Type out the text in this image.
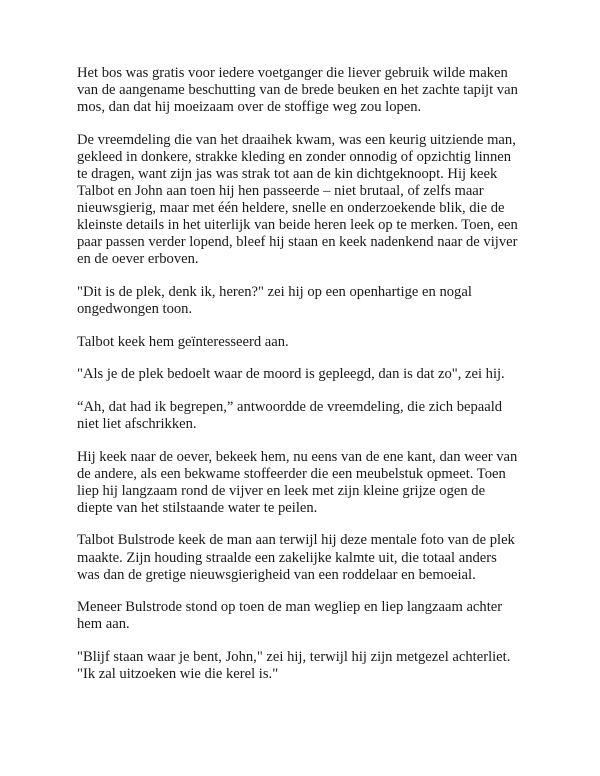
Het bos was gratis voor iedere voetganger die liever gebruik wilde maken
van de aangename beschutting van de brede beuken en het zachte tapijt van
mos, dan dat hij moeizaam over de stoffige weg zou lopen.

De vreemdeling die van het draaihek kwam, was een keurig uitziende man,
gekleed in donkere, strakke kleding en zonder onnodig of opzichtig linnen
te dragen, want zijn jas was strak tot aan de kin dichtgeknoopt. Hij keek
Talbot en John aan toen hij hen passeerde – niet brutaal, of zelfs maar
nieuwsgierig, maar met één heldere, snelle en onderzoekende blik, die de
kleinste details in het uiterlijk van beide heren leek op te merken. Toen, een
paar passen verder lopend, bleef hij staan en keek nadenkend naar de vijver
en de oever erboven.

"Dit is de plek, denk ik, heren?" zei hij op een openhartige en nogal
ongedwongen toon.

Talbot keek hem geïnteresseerd aan.

"Als je de plek bedoelt waar de moord is gepleegd, dan is dat zo", zei hij.

“Ah, dat had ik begrepen,” antwoordde de vreemdeling, die zich bepaald
niet liet afschrikken.

Hij keek naar de oever, bekeek hem, nu eens van de ene kant, dan weer van
de andere, als een bekwame stoffeerder die een meubelstuk opmeet. Toen
liep hij langzaam rond de vijver en leek met zijn kleine grijze ogen de
diepte van het stilstaande water te peilen.

Talbot Bulstrode keek de man aan terwijl hij deze mentale foto van de plek
maakte. Zijn houding straalde een zakelijke kalmte uit, die totaal anders
was dan de gretige nieuwsgierigheid van een roddelaar en bemoeial.

Meneer Bulstrode stond op toen de man wegliep en liep langzaam achter
hem aan.

"Blijf staan waar je bent, John," zei hij, terwijl hij zijn metgezel achterliet.
"Ik zal uitzoeken wie die kerel is."
